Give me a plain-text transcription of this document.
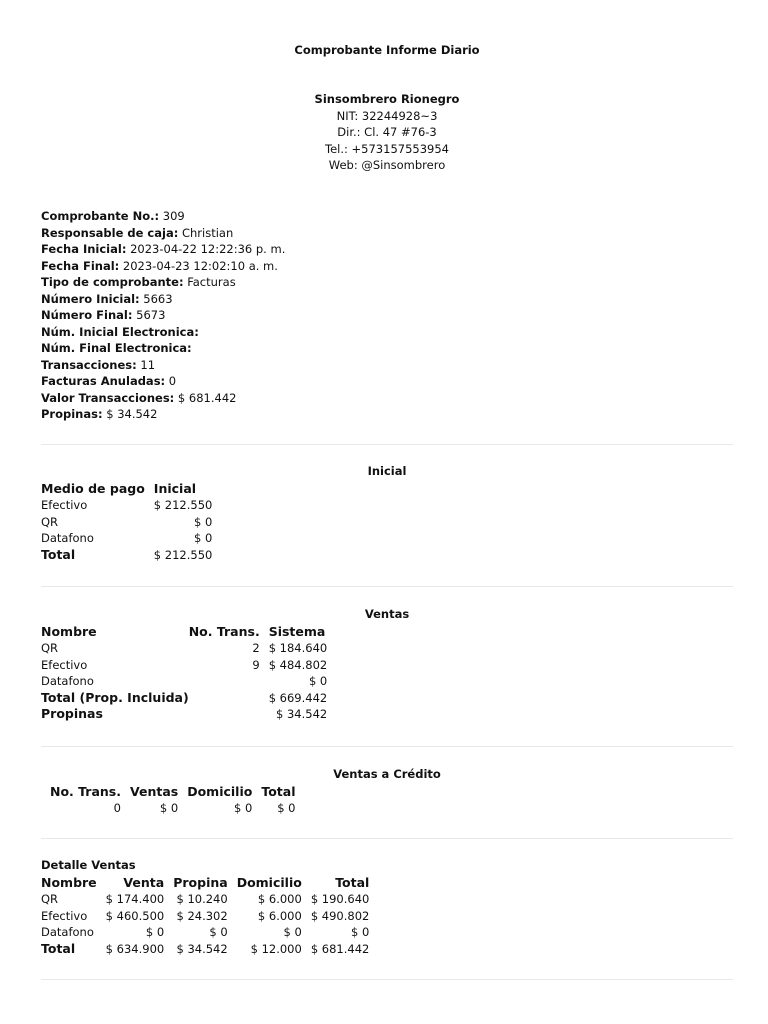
Comprobante Informe Diario
Sinsombrero Rionegro
NIT: 32244928~3
Dir.: Cl. 47 #76-3
Tel.: +573157553954
Web: @Sinsombrero
Comprobante No.: 309
Responsable de caja: Christian
Fecha Inicial: 2023-04-22 12:22:36 p. m.
Fecha Final: 2023-04-23 12:02:10 a. m.
Tipo de comprobante: Facturas
Número Inicial: 5663
Número Final: 5673
Núm. Inicial Electronica:
Núm. Final Electronica:
Transacciones: 11
Facturas Anuladas: 0
Valor Transacciones: $ 681.442
Propinas: $ 34.542
Inicial
Medio de pago	Inicial
Efectivo	$ 212.550
QR	$ 0
Datafono	$ 0
Total	$ 212.550
Ventas
Nombre	No. Trans.	Sistema
QR	2	$ 184.640
Efectivo	9	$ 484.802
Datafono		$ 0
Total (Prop. Incluida)		$ 669.442
Propinas		$ 34.542
Ventas a Crédito
No. Trans.	Ventas	Domicilio	Total
0	$ 0	$ 0	$ 0
Detalle Ventas
Nombre	Venta	Propina	Domicilio	Total
QR	$ 174.400	$ 10.240	$ 6.000	$ 190.640
Efectivo	$ 460.500	$ 24.302	$ 6.000	$ 490.802
Datafono	$ 0	$ 0	$ 0	$ 0
Total	$ 634.900	$ 34.542	$ 12.000	$ 681.442
